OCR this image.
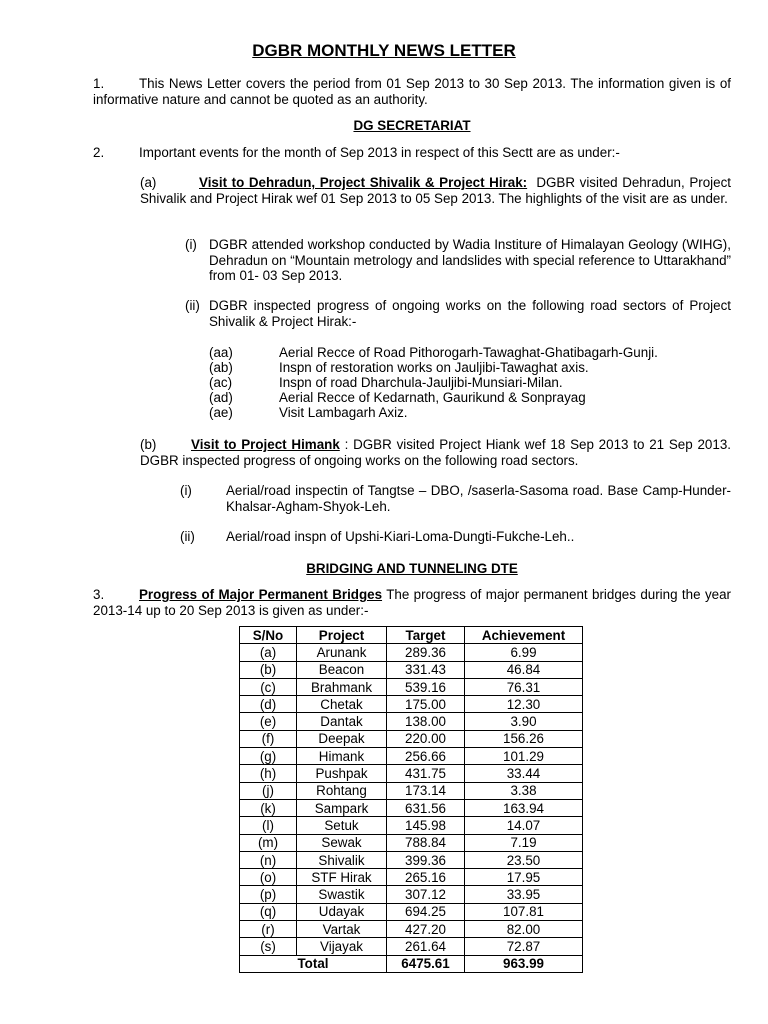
DGBR MONTHLY NEWS LETTER
1.	This News Letter covers the period from 01 Sep 2013 to 30 Sep 2013. The information given is of informative nature and cannot be quoted as an authority.
DG SECRETARIAT
2.	Important events for the month of Sep 2013 in respect of this Sectt are as under:-
(a)	Visit to Dehradun, Project Shivalik & Project Hirak: DGBR visited Dehradun, Project Shivalik and Project Hirak wef 01 Sep 2013 to 05 Sep 2013. The highlights of the visit are as under.
(i) DGBR attended workshop conducted by Wadia Institure of Himalayan Geology (WIHG), Dehradun on “Mountain metrology and landslides with special reference to Uttarakhand” from 01- 03 Sep 2013.
(ii) DGBR inspected progress of ongoing works on the following road sectors of Project Shivalik & Project Hirak:-
(aa)	Aerial Recce of Road Pithorogarh-Tawaghat-Ghatibagarh-Gunji.
(ab)	Inspn of restoration works on Jauljibi-Tawaghat axis.
(ac)	Inspn of road Dharchula-Jauljibi-Munsiari-Milan.
(ad)	Aerial Recce of Kedarnath, Gaurikund & Sonprayag
(ae)	Visit Lambagarh Axiz.
(b)	Visit to Project Himank : DGBR visited Project Hiank wef 18 Sep 2013 to 21 Sep 2013. DGBR inspected progress of ongoing works on the following road sectors.
(i)	Aerial/road inspectin of Tangtse – DBO, /saserla-Sasoma road. Base Camp-Hunder-Khalsar-Agham-Shyok-Leh.
(ii) Aerial/road inspn of Upshi-Kiari-Loma-Dungti-Fukche-Leh..
BRIDGING AND TUNNELING DTE
3.	Progress of Major Permanent Bridges The progress of major permanent bridges during the year 2013-14 up to 20 Sep 2013 is given as under:-
S/No	Project	Target	Achievement
(a)	Arunank	289.36	6.99
(b)	Beacon	331.43	46.84
(c)	Brahmank	539.16	76.31
(d)	Chetak	175.00	12.30
(e)	Dantak	138.00	3.90
(f)	Deepak	220.00	156.26
(g)	Himank	256.66	101.29
(h)	Pushpak	431.75	33.44
(j)	Rohtang	173.14	3.38
(k)	Sampark	631.56	163.94
(l)	Setuk	145.98	14.07
(m)	Sewak	788.84	7.19
(n)	Shivalik	399.36	23.50
(o)	STF Hirak	265.16	17.95
(p)	Swastik	307.12	33.95
(q)	Udayak	694.25	107.81
(r)	Vartak	427.20	82.00
(s)	Vijayak	261.64	72.87
Total		6475.61	963.99
